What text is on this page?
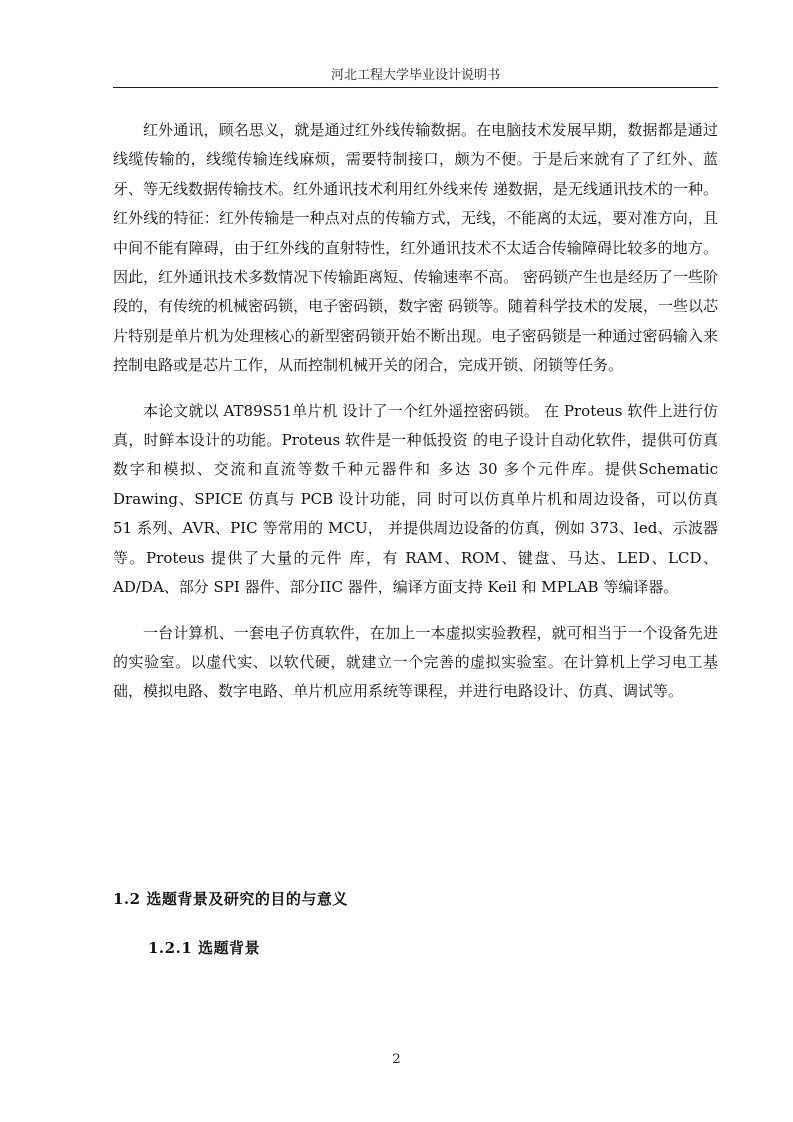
河北工程大学毕业设计说明书

红外通讯，顾名思义，就是通过红外线传输数据。在电脑技术发展早期，数据都是通过线缆传输的，线缆传输连线麻烦，需要特制接口，颇为不便。于是后来就有了了红外、蓝牙、等无线数据传输技术。红外通讯技术利用红外线来传 递数据，是无线通讯技术的一种。红外线的特征：红外传输是一种点对点的传输方式，无线，不能离的太远，要对准方向，且中间不能有障碍，由于红外线的直射特性，红外通讯技术不太适合传输障碍比较多的地方。因此，红外通讯技术多数情况下传输距离短、传输速率不高。 密码锁产生也是经历了一些阶段的，有传统的机械密码锁，电子密码锁，数字密 码锁等。随着科学技术的发展，一些以芯片特别是单片机为处理核心的新型密码锁开始不断出现。电子密码锁是一种通过密码输入来控制电路或是芯片工作，从而控制机械开关的闭合，完成开锁、闭锁等任务。

本论文就以 AT89S51单片机 设计了一个红外遥控密码锁。 在 Proteus 软件上进行仿真，时鲜本设计的功能。Proteus 软件是一种低投资 的电子设计自动化软件，提供可仿真数字和模拟、交流和直流等数千种元器件和 多达 30 多个元件库。提供Schematic Drawing、SPICE 仿真与 PCB 设计功能，同 时可以仿真单片机和周边设备，可以仿真 51 系列、AVR、PIC 等常用的 MCU， 并提供周边设备的仿真，例如 373、led、示波器等。Proteus 提供了大量的元件 库，有 RAM、ROM、键盘、马达、LED、LCD、AD/DA、部分 SPI 器件、部分IIC 器件，编译方面支持 Keil 和 MPLAB 等编译器。

一台计算机、一套电子仿真软件，在加上一本虚拟实验教程，就可相当于一个设备先进的实验室。以虚代实、以软代硬，就建立一个完善的虚拟实验室。在计算机上学习电工基础，模拟电路、数字电路、单片机应用系统等课程，并进行电路设计、仿真、调试等。

1.2 选题背景及研究的目的与意义
1.2.1 选题背景
2
